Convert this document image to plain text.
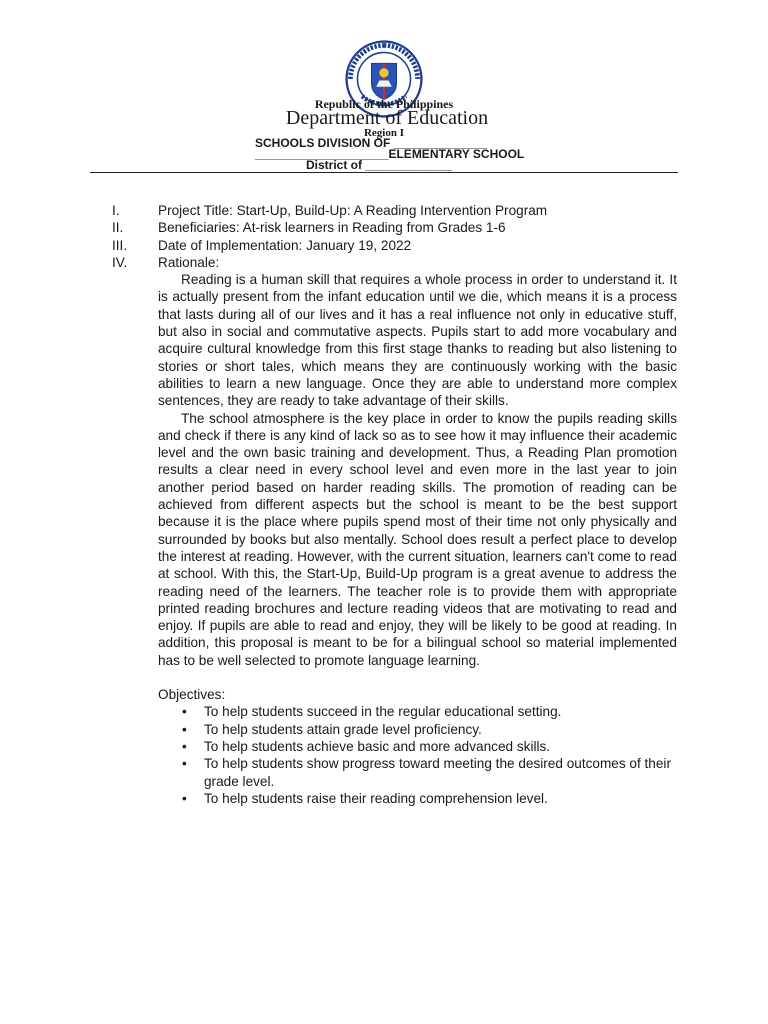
Republic of the Philippines
Department of Education
Region I
SCHOOLS DIVISION OF ______________
____________________ELEMENTARY SCHOOL
District of _____________
I.	Project Title: Start-Up, Build-Up: A Reading Intervention Program
II.	Beneficiaries: At-risk learners in Reading from Grades 1-6
III.	Date of Implementation: January 19, 2022
IV.	Rationale:

Reading is a human skill that requires a whole process in order to understand it. It is actually present from the infant education until we die, which means it is a process that lasts during all of our lives and it has a real influence not only in educative stuff, but also in social and commutative aspects. Pupils start to add more vocabulary and acquire cultural knowledge from this first stage thanks to reading but also listening to stories or short tales, which means they are continuously working with the basic abilities to learn a new language. Once they are able to understand more complex sentences, they are ready to take advantage of their skills.

The school atmosphere is the key place in order to know the pupils reading skills and check if there is any kind of lack so as to see how it may influence their academic level and the own basic training and development. Thus, a Reading Plan promotion results a clear need in every school level and even more in the last year to join another period based on harder reading skills. The promotion of reading can be achieved from different aspects but the school is meant to be the best support because it is the place where pupils spend most of their time not only physically and surrounded by books but also mentally. School does result a perfect place to develop the interest at reading. However, with the current situation, learners can't come to read at school. With this, the Start-Up, Build-Up program is a great avenue to address the reading need of the learners. The teacher role is to provide them with appropriate printed reading brochures and lecture reading videos that are motivating to read and enjoy. If pupils are able to read and enjoy, they will be likely to be good at reading. In addition, this proposal is meant to be for a bilingual school so material implemented has to be well selected to promote language learning.

Objectives:
•	To help students succeed in the regular educational setting.
•	To help students attain grade level proficiency.
•	To help students achieve basic and more advanced skills.
•	To help students show progress toward meeting the desired outcomes of their grade level.
•	To help students raise their reading comprehension level.
